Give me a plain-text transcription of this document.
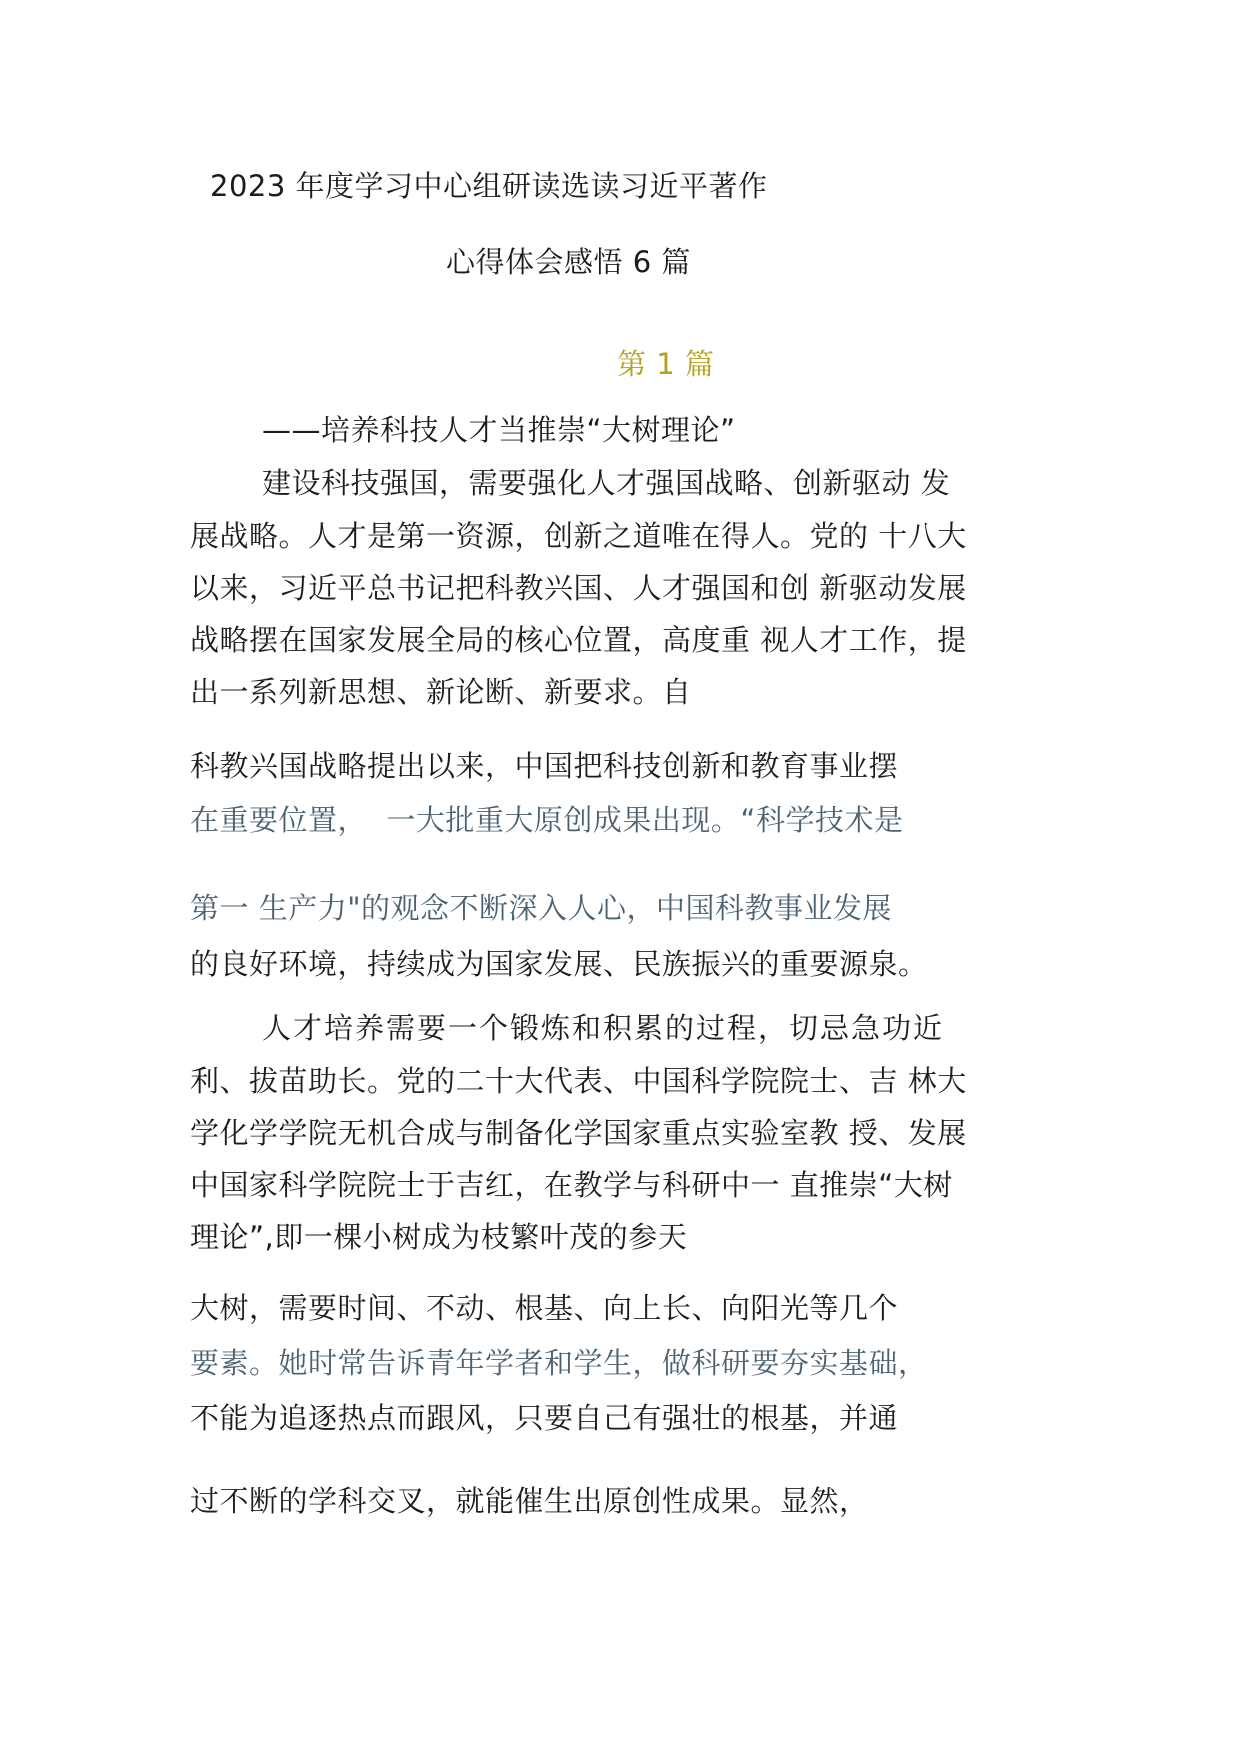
2023 年度学习中心组研读选读习近平著作
心得体会感悟 6 篇
第 1 篇
——培养科技人才当推崇“大树理论”
建设科技强国，需要强化人才强国战略、创新驱动 发
展战略。人才是第一资源，创新之道唯在得人。党的 十八大
以来，习近平总书记把科教兴国、人才强国和创 新驱动发展
战略摆在国家发展全局的核心位置，高度重 视人才工作，提
出一系列新思想、新论断、新要求。自
科教兴国战略提出以来，中国把科技创新和教育事业摆
在重要位置，  一大批重大原创成果出现。“科学技术是
第一 生产力"的观念不断深入人心，中国科教事业发展
的良好环境，持续成为国家发展、民族振兴的重要源泉。
人才培养需要一个锻炼和积累的过程，切忌急功近
利、拔苗助长。党的二十大代表、中国科学院院士、吉 林大
学化学学院无机合成与制备化学国家重点实验室教 授、发展
中国家科学院院士于吉红，在教学与科研中一 直推崇“大树
理论”,即一棵小树成为枝繁叶茂的参天
大树，需要时间、不动、根基、向上长、向阳光等几个
要素。她时常告诉青年学者和学生，做科研要夯实基础，
不能为追逐热点而跟风，只要自己有强壮的根基，并通
过不断的学科交叉，就能催生出原创性成果。显然，
